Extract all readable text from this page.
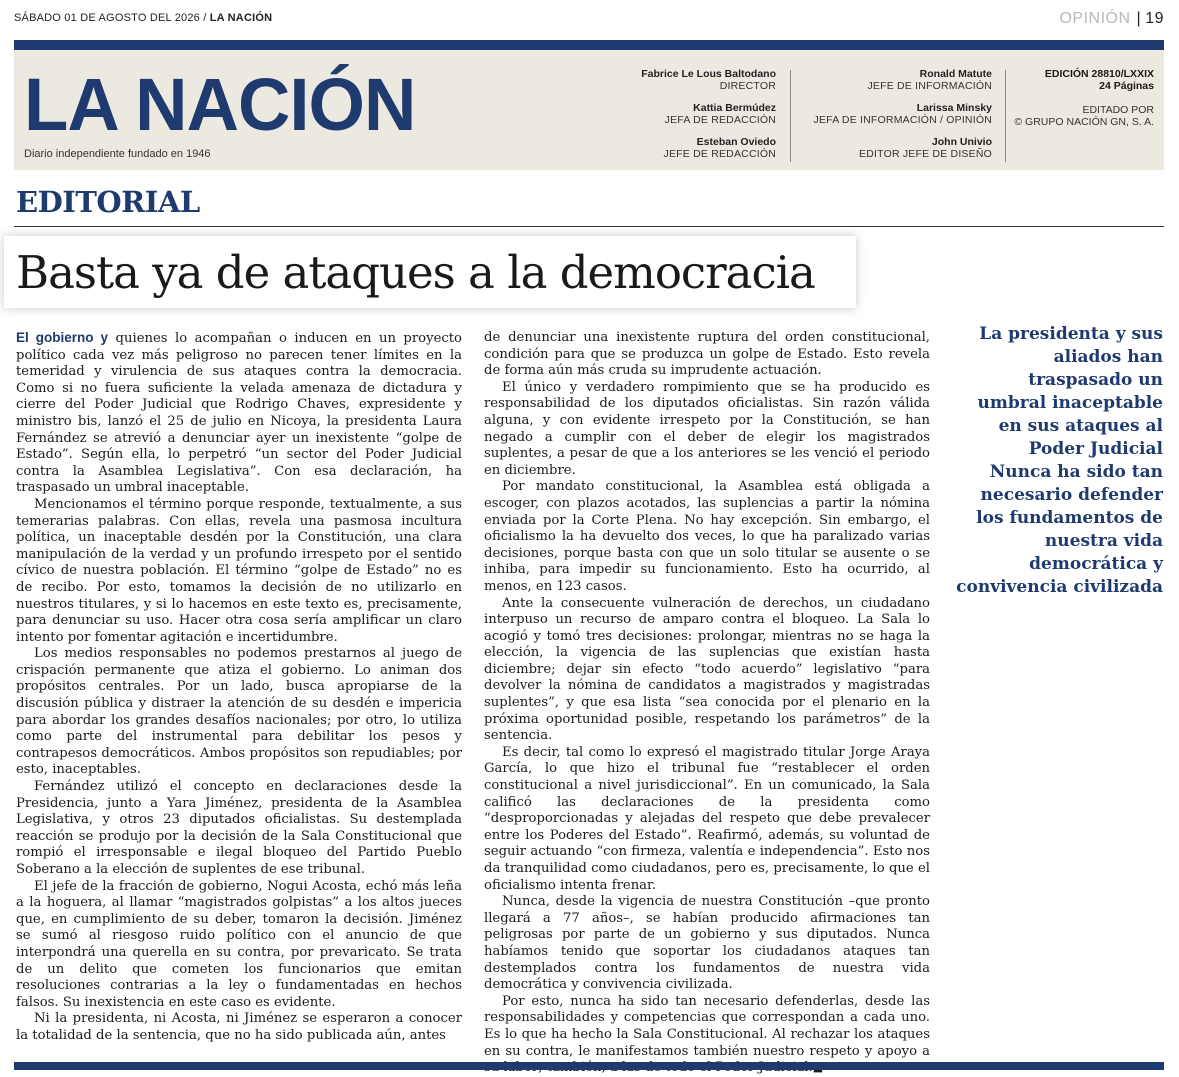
SÁBADO 01 DE AGOSTO DEL 2026 / LA NACIÓN	OPINIÓN | 19
LA NACIÓN
Diario independiente fundado en 1946
Fabrice Le Lous Baltodano
DIRECTOR
Kattia Bermúdez
JEFA DE REDACCIÓN
Esteban Oviedo
JEFE DE REDACCIÓN
Ronald Matute
JEFE DE INFORMACIÓN
Larissa Minsky
JEFA DE INFORMACIÓN / OPINIÓN
John Univio
EDITOR JEFE DE DISEÑO
EDICIÓN 28810/LXXIX
24 Páginas
EDITADO POR
© GRUPO NACIÓN GN, S. A.
EDITORIAL
Basta ya de ataques a la democracia

El gobierno y quienes lo acompañan o inducen en un proyecto político cada vez más peligroso no parecen tener límites en la temeridad y virulencia de sus ataques contra la democracia. Como si no fuera suficiente la velada amenaza de dictadura y cierre del Poder Judicial que Rodrigo Chaves, expresidente y ministro bis, lanzó el 25 de julio en Nicoya, la presidenta Laura Fernández se atrevió a denunciar ayer un inexistente “golpe de Estado”. Según ella, lo perpetró “un sector del Poder Judicial contra la Asamblea Legislativa”. Con esa declaración, ha traspasado un umbral inaceptable.

Mencionamos el término porque responde, textualmente, a sus temerarias palabras. Con ellas, revela una pasmosa incultura política, un inaceptable desdén por la Constitución, una clara manipulación de la verdad y un profundo irrespeto por el sentido cívico de nuestra población. El término “golpe de Estado” no es de recibo. Por esto, tomamos la decisión de no utilizarlo en nuestros titulares, y si lo hacemos en este texto es, precisamente, para denunciar su uso. Hacer otra cosa sería amplificar un claro intento por fomentar agitación e incertidumbre.

Los medios responsables no podemos prestarnos al juego de crispación permanente que atiza el gobierno. Lo animan dos propósitos centrales. Por un lado, busca apropiarse de la discusión pública y distraer la atención de su desdén e impericia para abordar los grandes desafíos nacionales; por otro, lo utiliza como parte del instrumental para debilitar los pesos y contrapesos democráticos. Ambos propósitos son repudiables; por esto, inaceptables.

Fernández utilizó el concepto en declaraciones desde la Presidencia, junto a Yara Jiménez, presidenta de la Asamblea Legislativa, y otros 23 diputados oficialistas. Su destemplada reacción se produjo por la decisión de la Sala Constitucional que rompió el irresponsable e ilegal bloqueo del Partido Pueblo Soberano a la elección de suplentes de ese tribunal.

El jefe de la fracción de gobierno, Nogui Acosta, echó más leña a la hoguera, al llamar “magistrados golpistas” a los altos jueces que, en cumplimiento de su deber, tomaron la decisión. Jiménez se sumó al riesgoso ruido político con el anuncio de que interpondrá una querella en su contra, por prevaricato. Se trata de un delito que cometen los funcionarios que emitan resoluciones contrarias a la ley o fundamentadas en hechos falsos. Su inexistencia en este caso es evidente.

Ni la presidenta, ni Acosta, ni Jiménez se esperaron a conocer la totalidad de la sentencia, que no ha sido publicada aún, antes

de denunciar una inexistente ruptura del orden constitucional, condición para que se produzca un golpe de Estado. Esto revela de forma aún más cruda su imprudente actuación.

El único y verdadero rompimiento que se ha producido es responsabilidad de los diputados oficialistas. Sin razón válida alguna, y con evidente irrespeto por la Constitución, se han negado a cumplir con el deber de elegir los magistrados suplentes, a pesar de que a los anteriores se les venció el periodo en diciembre.

Por mandato constitucional, la Asamblea está obligada a escoger, con plazos acotados, las suplencias a partir la nómina enviada por la Corte Plena. No hay excepción. Sin embargo, el oficialismo la ha devuelto dos veces, lo que ha paralizado varias decisiones, porque basta con que un solo titular se ausente o se inhiba, para impedir su funcionamiento. Esto ha ocurrido, al menos, en 123 casos.

Ante la consecuente vulneración de derechos, un ciudadano interpuso un recurso de amparo contra el bloqueo. La Sala lo acogió y tomó tres decisiones: prolongar, mientras no se haga la elección, la vigencia de las suplencias que existían hasta diciembre; dejar sin efecto “todo acuerdo” legislativo “para devolver la nómina de candidatos a magistrados y magistradas suplentes”, y que esa lista “sea conocida por el plenario en la próxima oportunidad posible, respetando los parámetros” de la sentencia.

Es decir, tal como lo expresó el magistrado titular Jorge Araya García, lo que hizo el tribunal fue “restablecer el orden constitucional a nivel jurisdiccional”. En un comunicado, la Sala calificó las declaraciones de la presidenta como “desproporcionadas y alejadas del respeto que debe prevalecer entre los Poderes del Estado”. Reafirmó, además, su voluntad de seguir actuando “con firmeza, valentía e independencia”. Esto nos da tranquilidad como ciudadanos, pero es, precisamente, lo que el oficialismo intenta frenar.

Nunca, desde la vigencia de nuestra Constitución –que pronto llegará a 77 años–, se habían producido afirmaciones tan peligrosas por parte de un gobierno y sus diputados. Nunca habíamos tenido que soportar los ciudadanos ataques tan destemplados contra los fundamentos de nuestra vida democrática y convivencia civilizada.

Por esto, nunca ha sido tan necesario defenderlas, desde las responsabilidades y competencias que correspondan a cada uno. Es lo que ha hecho la Sala Constitucional. Al rechazar los ataques en su contra, le manifestamos también nuestro respeto y apoyo a

La presidenta y sus aliados han traspasado un umbral inaceptable en sus ataques al Poder Judicial
Nunca ha sido tan necesario defender los fundamentos de nuestra vida democrática y convivencia civilizada
